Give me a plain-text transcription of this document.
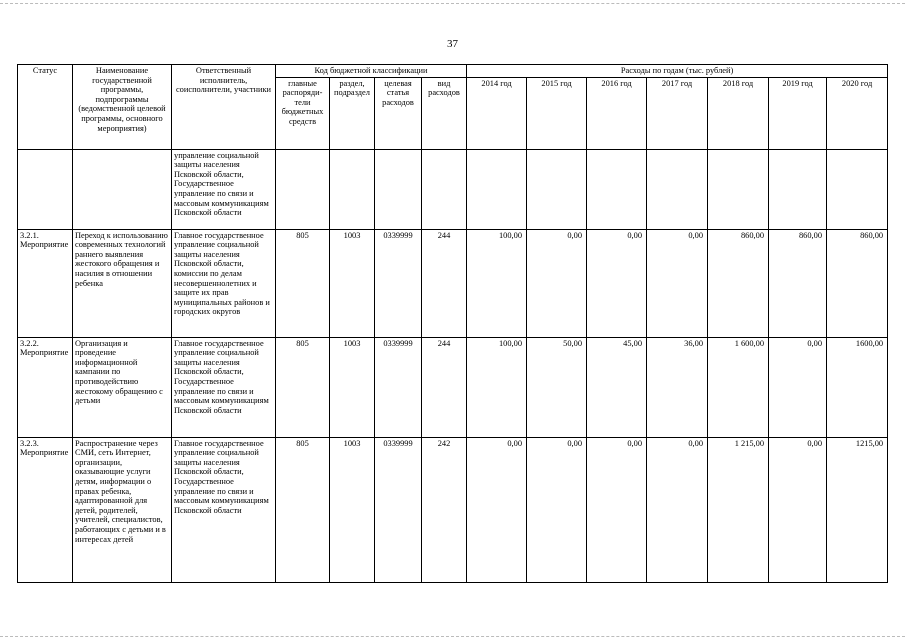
37
Статус	Наименование государственной программы, подпрограммы (ведомственной целевой программы, основного мероприятия)	Ответственный исполнитель, соисполнители, участники	Код бюджетной классификации				Расходы по годам (тыс. рублей)						
			главные распоряди-тели бюджетных средств	раздел, подраздел	целевая статья расходов	вид расходов	2014 год	2015 год	2016 год	2017 год	2018 год	2019 год	2020 год
		управление социальной защиты населения Псковской области, Государственное управление по связи и массовым коммуникациям Псковской области											
3.2.1. Мероприятие	Переход к использованию современных технологий раннего выявления жестокого обращения и насилия в отношении ребенка	Главное государственное управление социальной защиты населения Псковской области, комиссии по делам несовершеннолетних и защите их прав муниципальных районов и городских округов	805	1003	0339999	244	100,00	0,00	0,00	0,00	860,00	860,00	860,00
3.2.2. Мероприятие	Организация и проведение информационной кампании по противодействию жестокому обращению с детьми	Главное государственное управление социальной защиты населения Псковской области, Государственное управление по связи и массовым коммуникациям Псковской области	805	1003	0339999	244	100,00	50,00	45,00	36,00	1 600,00	0,00	1600,00
3.2.3. Мероприятие	Распространение через СМИ, сеть Интернет, организации, оказывающие услуги детям, информации о правах ребенка, адаптированной для детей, родителей, учителей, специалистов, работающих с детьми и в интересах детей	Главное государственное управление социальной защиты населения Псковской области, Государственное управление по связи и массовым коммуникациям Псковской области	805	1003	0339999	242	0,00	0,00	0,00	0,00	1 215,00	0,00	1215,00
